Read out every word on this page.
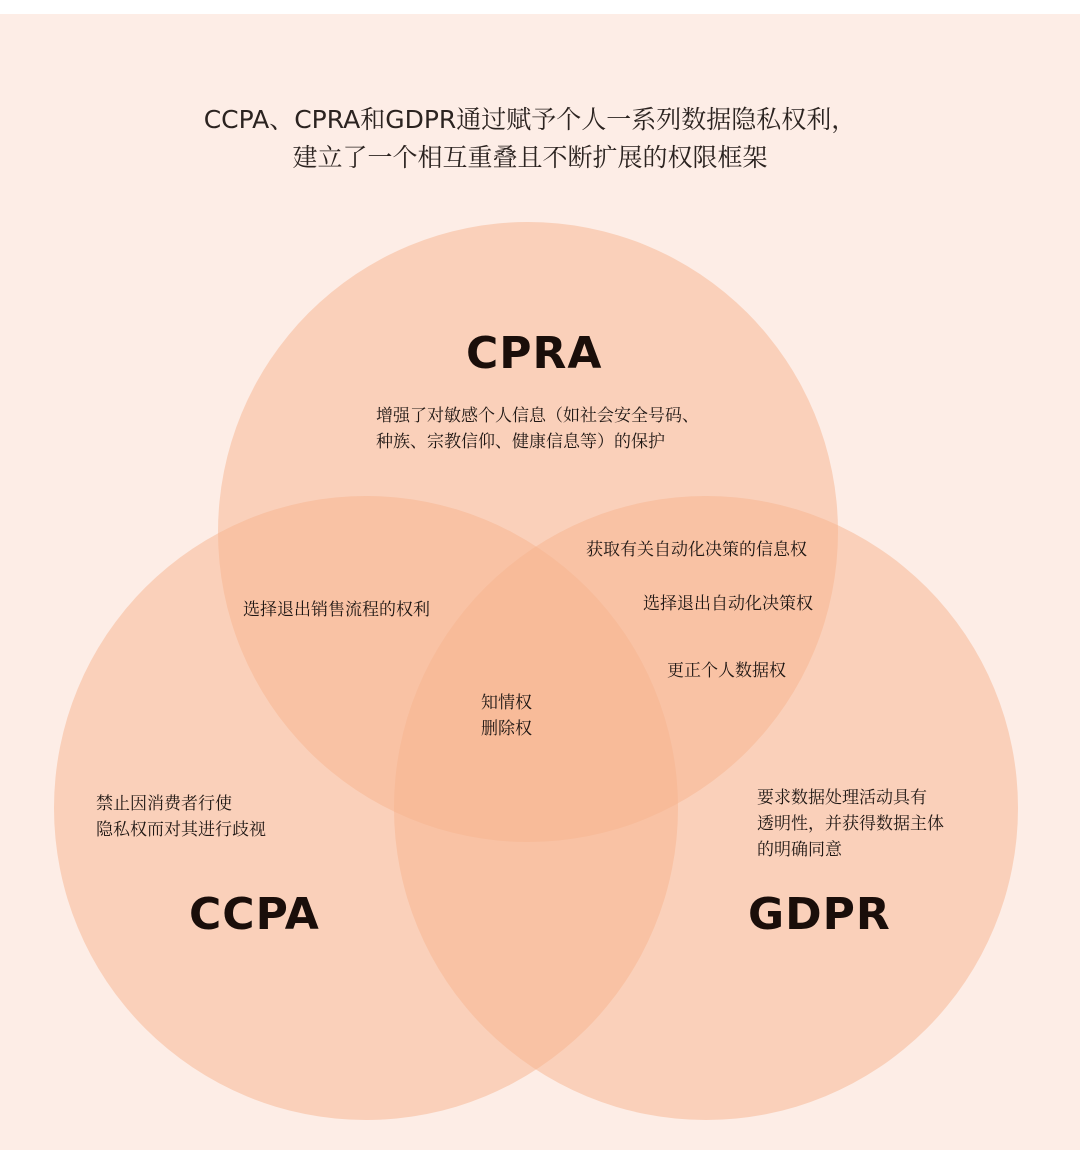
CCPA、CPRA和GDPR通过赋予个人一系列数据隐私权利，
建立了一个相互重叠且不断扩展的权限框架
CPRA
CCPA	GDPR
增强了对敏感个人信息（如社会安全号码、
种族、宗教信仰、健康信息等）的保护
获取有关自动化决策的信息权
选择退出自动化决策权
更正个人数据权
选择退出销售流程的权利
知情权
删除权
禁止因消费者行使
隐私权而对其进行歧视
要求数据处理活动具有
透明性，并获得数据主体
的明确同意
